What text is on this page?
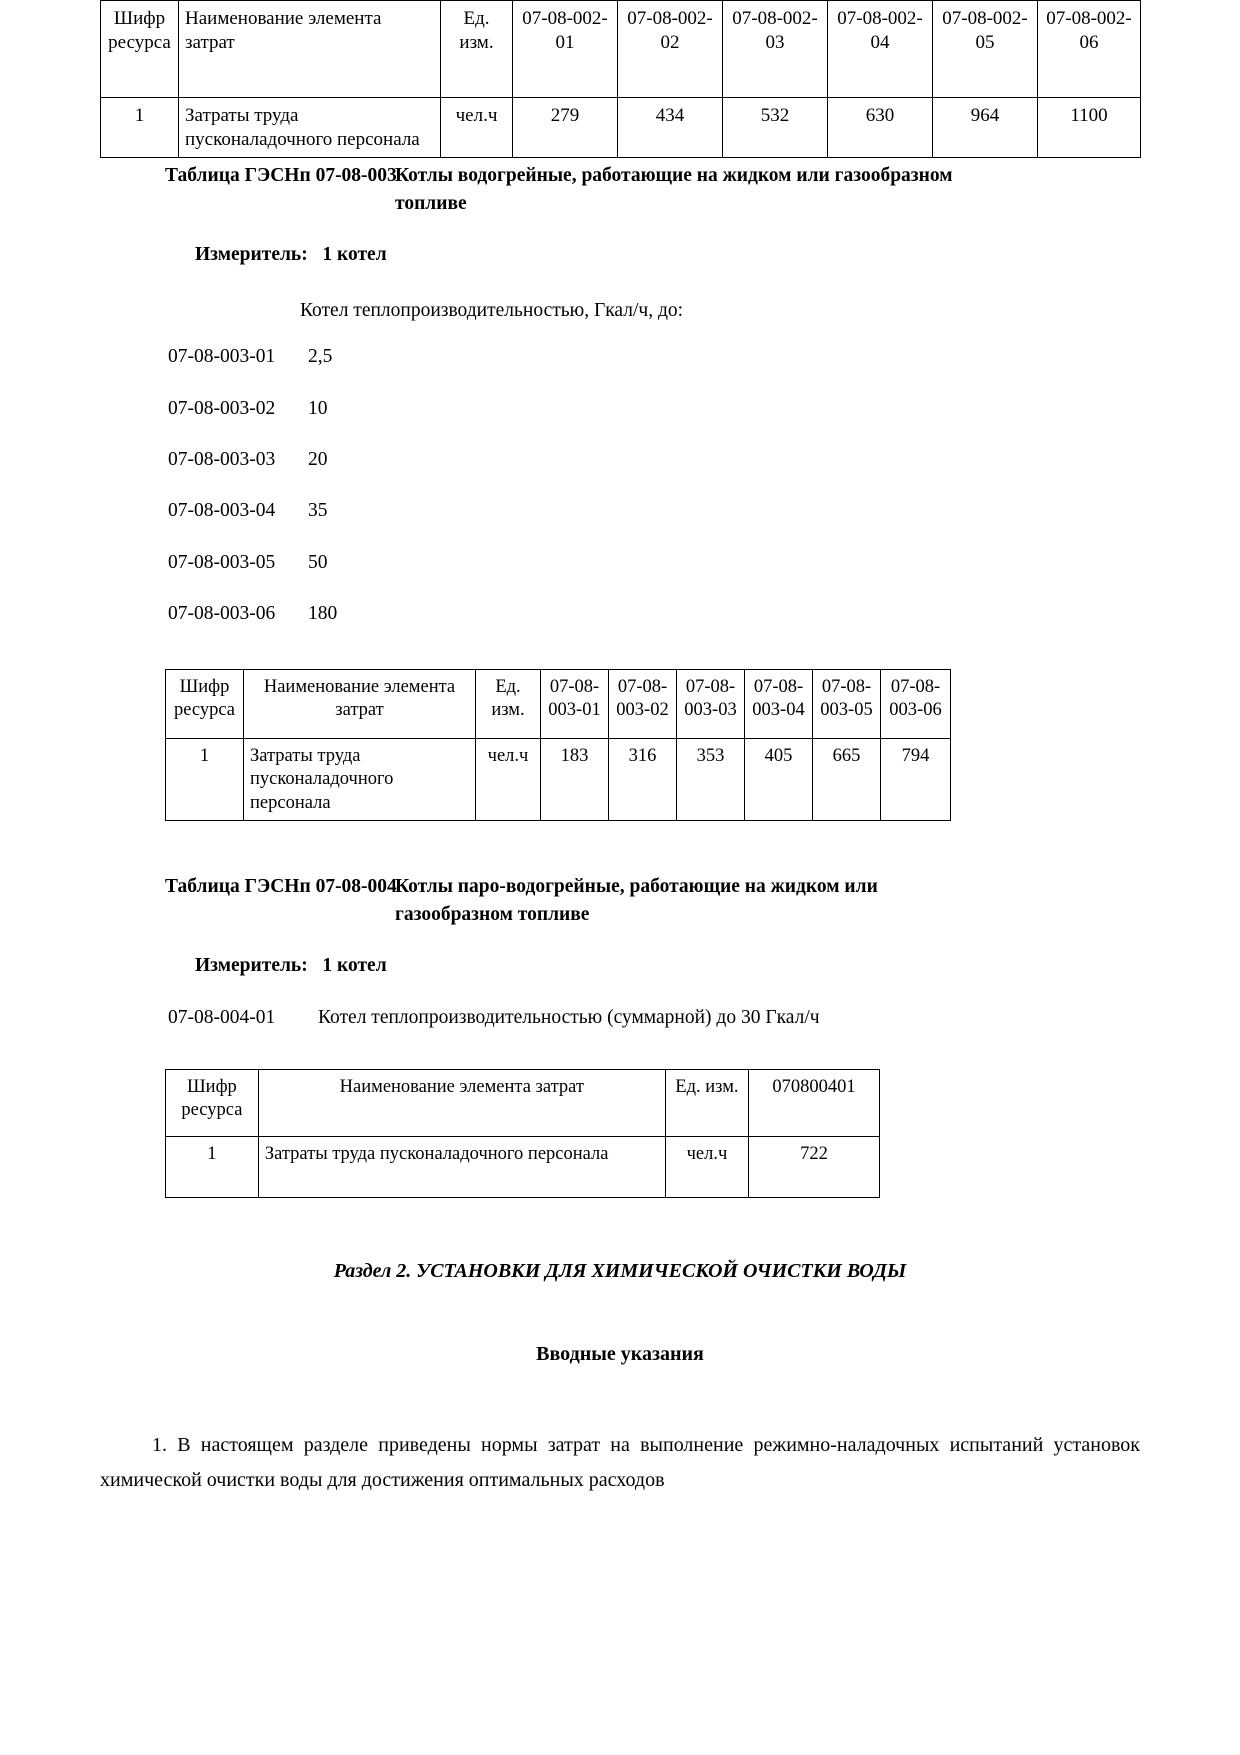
Шифр ресурса	Наименование элемента затрат	Ед. изм.	07-08-002-01	07-08-002-02	07-08-002-03	07-08-002-04	07-08-002-05	07-08-002-06
1	Затраты труда пусконаладочного персонала	чел.ч	279	434	532	630	964	1100
Таблица ГЭСНп 07-08-003
Котлы водогрейные, работающие на жидком или газообразном топливе
Измеритель: 1 котел
Котел теплопроизводительностью, Гкал/ч, до:
07-08-003-01	2,5
07-08-003-02	10
07-08-003-03	20
07-08-003-04	35
07-08-003-05	50
07-08-003-06	180
Шифр ресурса	Наименование элемента затрат	Ед. изм.	07-08-003-01	07-08-003-02	07-08-003-03	07-08-003-04	07-08-003-05	07-08-003-06
1	Затраты труда пусконаладочного персонала	чел.ч	183	316	353	405	665	794
Таблица ГЭСНп 07-08-004
Котлы паро-водогрейные, работающие на жидком или газообразном топливе
Измеритель: 1 котел
07-08-004-01	Котел теплопроизводительностью (суммарной) до 30 Гкал/ч
Шифр ресурса	Наименование элемента затрат	Ед. изм.	070800401
1	Затраты труда пусконаладочного персонала	чел.ч	722
Раздел 2. УСТАНОВКИ ДЛЯ ХИМИЧЕСКОЙ ОЧИСТКИ ВОДЫ
Вводные указания
1. В настоящем разделе приведены нормы затрат на выполнение режимно-наладочных испытаний установок химической очистки воды для достижения оптимальных расходов
